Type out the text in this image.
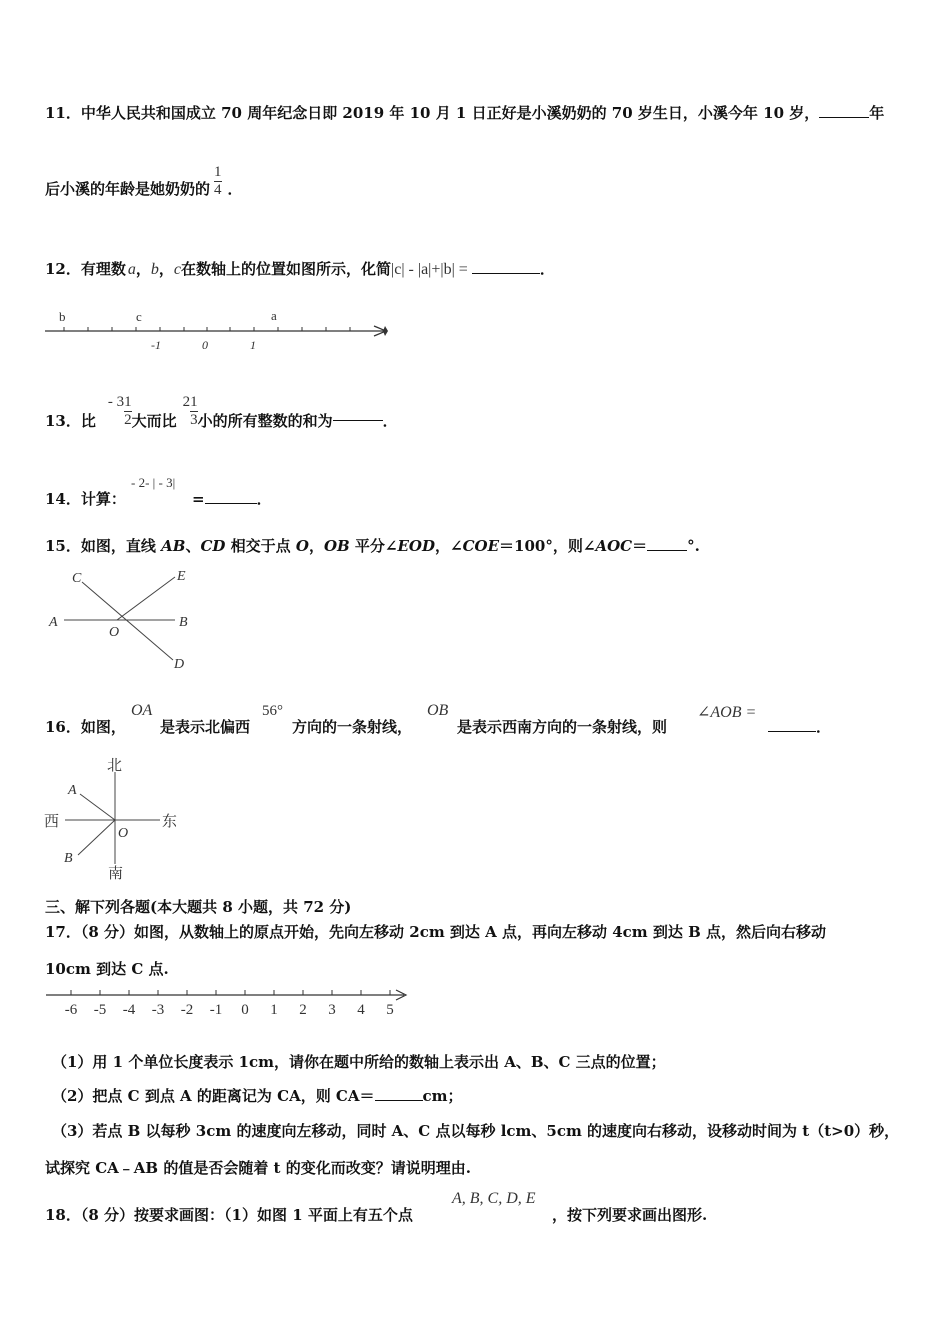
11．中华人民共和国成立 70 周年纪念日即 2019 年 10 月 1 日正好是小溪奶奶的 70 岁生日，小溪今年 10 岁，	年
后小溪的年龄是她奶奶的 $\frac{1}{4}$ ．
12．有理数 a，b，c在数轴上的位置如图所示，化简|c| - |a|+|b| =	．
b	c	a
-1	0	1
13．比
- $3 \frac{1}{2}$ 大而比
$2 \frac{1}{3}$ 小的所有整数的和为	．
14．计算：
- 2- | - 3|
=	．
15．如图，直线 AB、CD 相交于点 O，OB 平分∠EOD，∠COE＝100°，则∠AOC＝	°.
A	B
C
D
E
O
16．如图，
OA
是表示北偏西
56°
方向的一条射线，
OB
是表示西南方向的一条射线，则
∠AOB =
．
北
南
西	东
A
B
O
三、解下列各题(本大题共 8 小题，共 72 分)
17．（8 分）如图，从数轴上的原点开始，先向左移动 2cm 到达 A 点，再向左移动 4cm 到达 B 点，然后向右移动
10cm 到达 C 点.
-6 -5 -4 -3 -2 -1 0 1 2 3 4 5
（1）用 1 个单位长度表示 1cm，请你在题中所给的数轴上表示出 A、B、C 三点的位置；
（2）把点 C 到点 A 的距离记为 CA，则 CA＝	cm；
（3）若点 B 以每秒 3cm 的速度向左移动，同时 A、C 点以每秒 lcm、5cm 的速度向右移动，设移动时间为 t（t>0）秒，
试探究 CA﹣AB 的值是否会随着 t 的变化而改变？请说明理由.
18．（8 分）按要求画图：（1）如图 1 平面上有五个点
A, B, C, D, E
，按下列要求画出图形.
